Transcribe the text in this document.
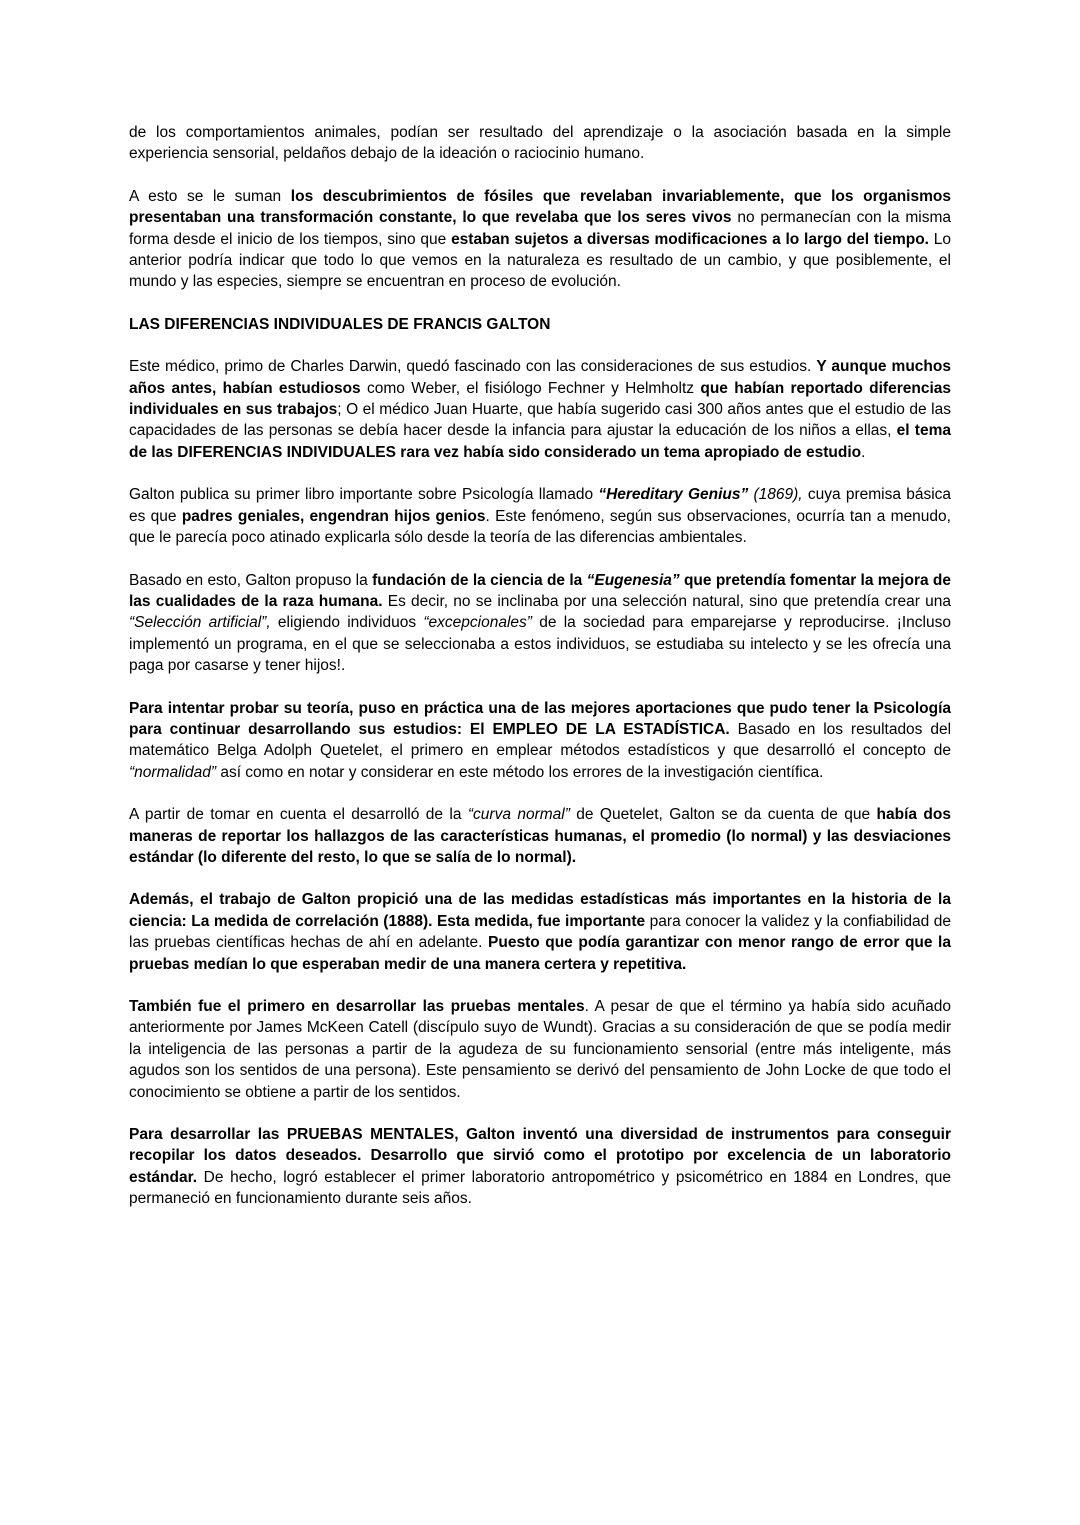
de los comportamientos animales, podían ser resultado del aprendizaje o la asociación basada en la simple experiencia sensorial, peldaños debajo de la ideación o raciocinio humano.

A esto se le suman los descubrimientos de fósiles que revelaban invariablemente, que los organismos presentaban una transformación constante, lo que revelaba que los seres vivos no permanecían con la misma forma desde el inicio de los tiempos, sino que estaban sujetos a diversas modificaciones a lo largo del tiempo. Lo anterior podría indicar que todo lo que vemos en la naturaleza es resultado de un cambio, y que posiblemente, el mundo y las especies, siempre se encuentran en proceso de evolución.

LAS DIFERENCIAS INDIVIDUALES DE FRANCIS GALTON

Este médico, primo de Charles Darwin, quedó fascinado con las consideraciones de sus estudios. Y aunque muchos años antes, habían estudiosos como Weber, el fisiólogo Fechner y Helmholtz que habían reportado diferencias individuales en sus trabajos; O el médico Juan Huarte, que había sugerido casi 300 años antes que el estudio de las capacidades de las personas se debía hacer desde la infancia para ajustar la educación de los niños a ellas, el tema de las DIFERENCIAS INDIVIDUALES rara vez había sido considerado un tema apropiado de estudio.

Galton publica su primer libro importante sobre Psicología llamado “Hereditary Genius” (1869), cuya premisa básica es que padres geniales, engendran hijos genios. Este fenómeno, según sus observaciones, ocurría tan a menudo, que le parecía poco atinado explicarla sólo desde la teoría de las diferencias ambientales.

Basado en esto, Galton propuso la fundación de la ciencia de la “Eugenesia” que pretendía fomentar la mejora de las cualidades de la raza humana. Es decir, no se inclinaba por una selección natural, sino que pretendía crear una “Selección artificial”, eligiendo individuos “excepcionales” de la sociedad para emparejarse y reproducirse. ¡Incluso implementó un programa, en el que se seleccionaba a estos individuos, se estudiaba su intelecto y se les ofrecía una paga por casarse y tener hijos!.

Para intentar probar su teoría, puso en práctica una de las mejores aportaciones que pudo tener la Psicología para continuar desarrollando sus estudios: El EMPLEO DE LA ESTADÍSTICA. Basado en los resultados del matemático Belga Adolph Quetelet, el primero en emplear métodos estadísticos y que desarrolló el concepto de “normalidad” así como en notar y considerar en este método los errores de la investigación científica.

A partir de tomar en cuenta el desarrolló de la “curva normal” de Quetelet, Galton se da cuenta de que había dos maneras de reportar los hallazgos de las características humanas, el promedio (lo normal) y las desviaciones estándar (lo diferente del resto, lo que se salía de lo normal).

Además, el trabajo de Galton propició una de las medidas estadísticas más importantes en la historia de la ciencia: La medida de correlación (1888). Esta medida, fue importante para conocer la validez y la confiabilidad de las pruebas científicas hechas de ahí en adelante. Puesto que podía garantizar con menor rango de error que la pruebas medían lo que esperaban medir de una manera certera y repetitiva.

También fue el primero en desarrollar las pruebas mentales. A pesar de que el término ya había sido acuñado anteriormente por James McKeen Catell (discípulo suyo de Wundt). Gracias a su consideración de que se podía medir la inteligencia de las personas a partir de la agudeza de su funcionamiento sensorial (entre más inteligente, más agudos son los sentidos de una persona). Este pensamiento se derivó del pensamiento de John Locke de que todo el conocimiento se obtiene a partir de los sentidos.

Para desarrollar las PRUEBAS MENTALES, Galton inventó una diversidad de instrumentos para conseguir recopilar los datos deseados. Desarrollo que sirvió como el prototipo por excelencia de un laboratorio estándar. De hecho, logró establecer el primer laboratorio antropométrico y psicométrico en 1884 en Londres, que permaneció en funcionamiento durante seis años.
